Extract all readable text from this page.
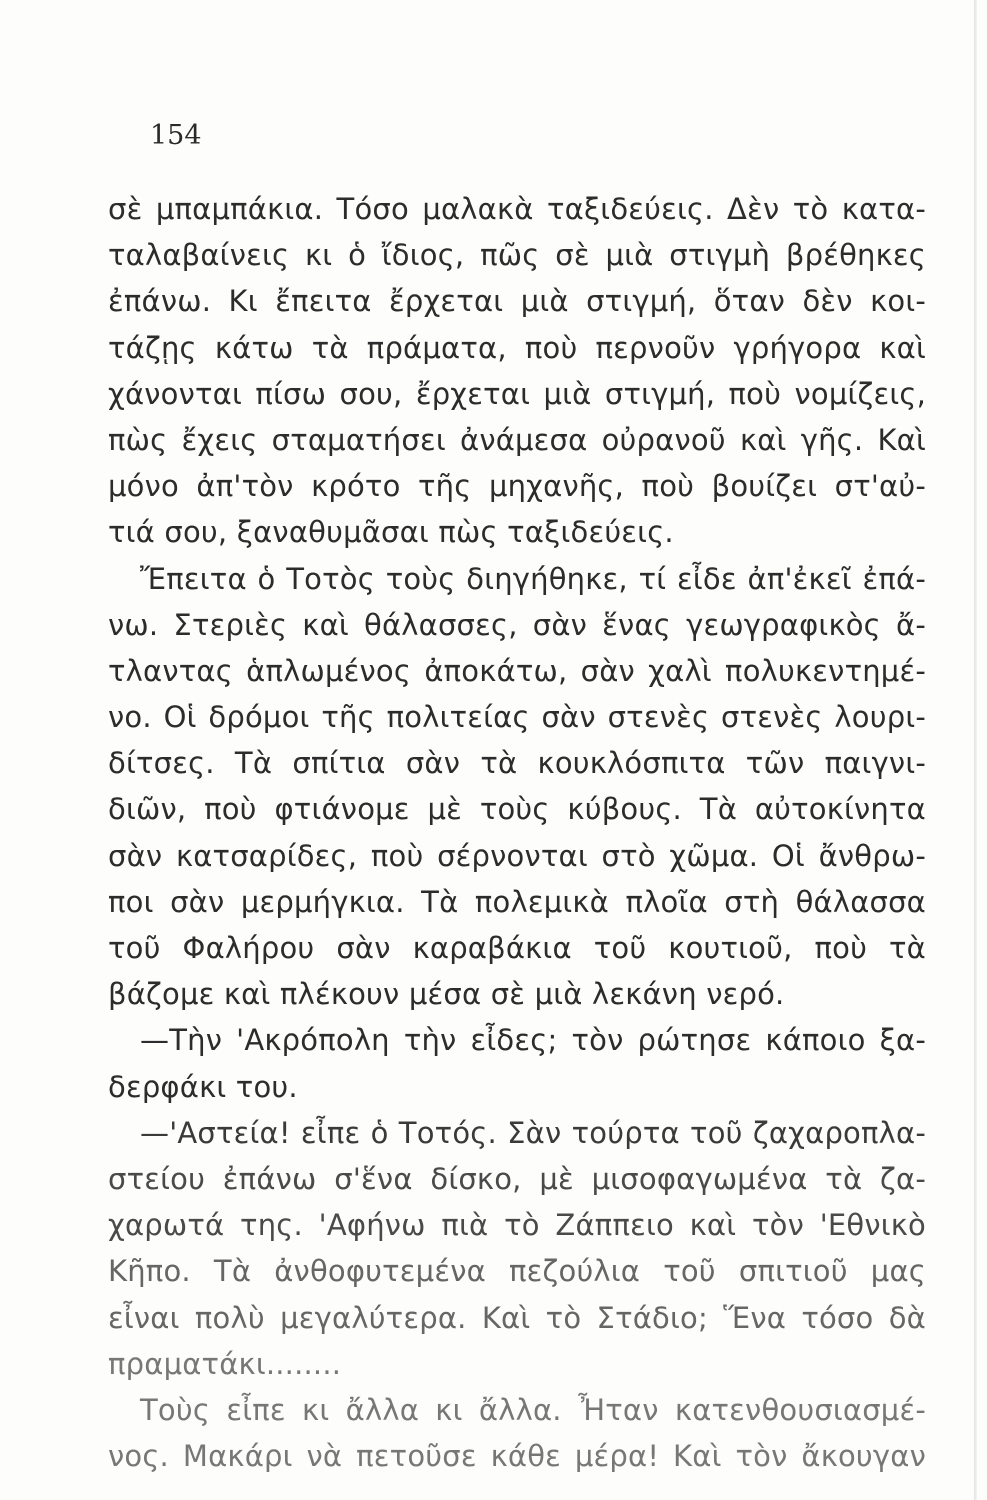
154
σὲ μπαμπάκια. Τόσο μαλακὰ ταξιδεύεις. Δὲν τὸ κατα-
ταλαβαίνεις κι ὁ ἴδιος, πῶς σὲ μιὰ στιγμὴ βρέθηκες
ἐπάνω. Κι ἔπειτα ἔρχεται μιὰ στιγμή, ὅταν δὲν κοι-
τάζῃς κάτω τὰ πράματα, ποὺ περνοῦν γρήγορα καὶ
χάνονται πίσω σου, ἔρχεται μιὰ στιγμή, ποὺ νομίζεις,
πὼς ἔχεις σταματήσει ἀνάμεσα οὐρανοῦ καὶ γῆς. Καὶ
μόνο ἀπ'τὸν κρότο τῆς μηχανῆς, ποὺ βουίζει στ'αὐ-
τιά σου, ξαναθυμᾶσαι πὼς ταξιδεύεις.
Ἔπειτα ὁ Τοτὸς τοὺς διηγήθηκε, τί εἶδε ἀπ'ἐκεῖ ἐπά-
νω. Στεριὲς καὶ θάλασσες, σὰν ἕνας γεωγραφικὸς ἄ-
τλαντας ἁπλωμένος ἀποκάτω, σὰν χαλὶ πολυκεντημέ-
νο. Οἱ δρόμοι τῆς πολιτείας σὰν στενὲς στενὲς λουρι-
δίτσες. Τὰ σπίτια σὰν τὰ κουκλόσπιτα τῶν παιγνι-
διῶν, ποὺ φτιάνομε μὲ τοὺς κύβους. Τὰ αὐτοκίνητα
σὰν κατσαρίδες, ποὺ σέρνονται στὸ χῶμα. Οἱ ἄνθρω-
ποι σὰν μερμήγκια. Τὰ πολεμικὰ πλοῖα στὴ θάλασσα
τοῦ Φαλήρου σὰν καραβάκια τοῦ κουτιοῦ, ποὺ τὰ
βάζομε καὶ πλέκουν μέσα σὲ μιὰ λεκάνη νερό.
—Τὴν 'Ακρόπολη τὴν εἶδες; τὸν ρώτησε κάποιο ξα-
δερφάκι του.
—'Αστεία! εἶπε ὁ Τοτός. Σὰν τούρτα τοῦ ζαχαροπλα-
στείου ἐπάνω σ'ἕνα δίσκο, μὲ μισοφαγωμένα τὰ ζα-
χαρωτά της. 'Αφήνω πιὰ τὸ Ζάππειο καὶ τὸν 'Εθνικὸ
Κῆπο. Τὰ ἀνθοφυτεμένα πεζούλια τοῦ σπιτιοῦ μας
εἶναι πολὺ μεγαλύτερα. Καὶ τὸ Στάδιο; Ἕνα τόσο δὰ
πραματάκι........
Τοὺς εἶπε κι ἄλλα κι ἄλλα. Ἦταν κατενθουσιασμέ-
νος. Μακάρι νὰ πετοῦσε κάθε μέρα! Καὶ τὸν ἄκουγαν
